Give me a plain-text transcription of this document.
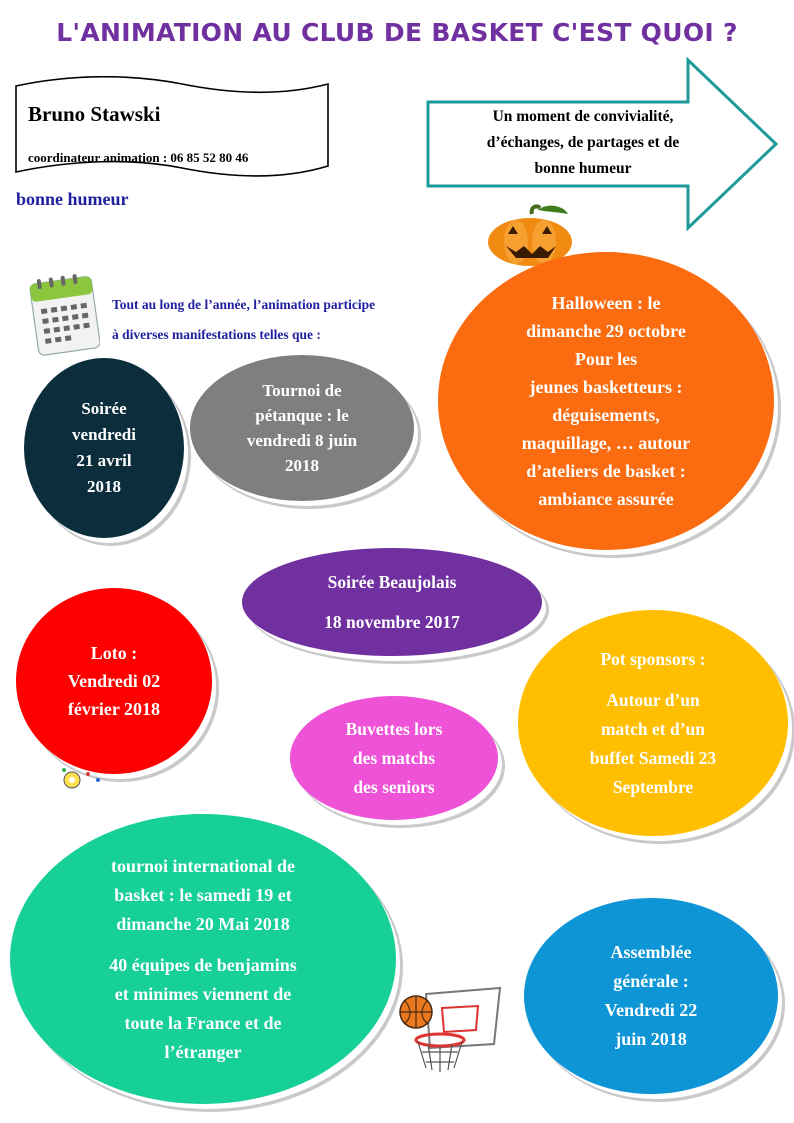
L'ANIMATION AU CLUB DE BASKET C'EST QUOI ?
Bruno Stawski
coordinateur animation : 06 85 52 80 46
bonne humeur
Un moment de convivialité,
d’échanges, de partages et de
bonne humeur
Tout au long de l’année, l’animation participe
à diverses manifestations telles que :
Soirée
vendredi
21 avril
2018
Tournoi de
pétanque : le
vendredi 8 juin
2018
Halloween : le
dimanche 29 octobre
Pour les
jeunes basketteurs :
déguisements,
maquillage, … autour
d’ateliers de basket :
ambiance assurée
Soirée Beaujolais
18 novembre 2017
Loto :
Vendredi 02
février 2018
Pot sponsors :
Autour d’un
match et d’un
buffet Samedi 23
Septembre
Buvettes lors
des matchs
des seniors
tournoi international de
basket : le samedi 19 et
dimanche 20 Mai 2018
40 équipes de benjamins
et minimes viennent de
toute la France et de
l’étranger
Assemblée
générale :
Vendredi 22
juin 2018
